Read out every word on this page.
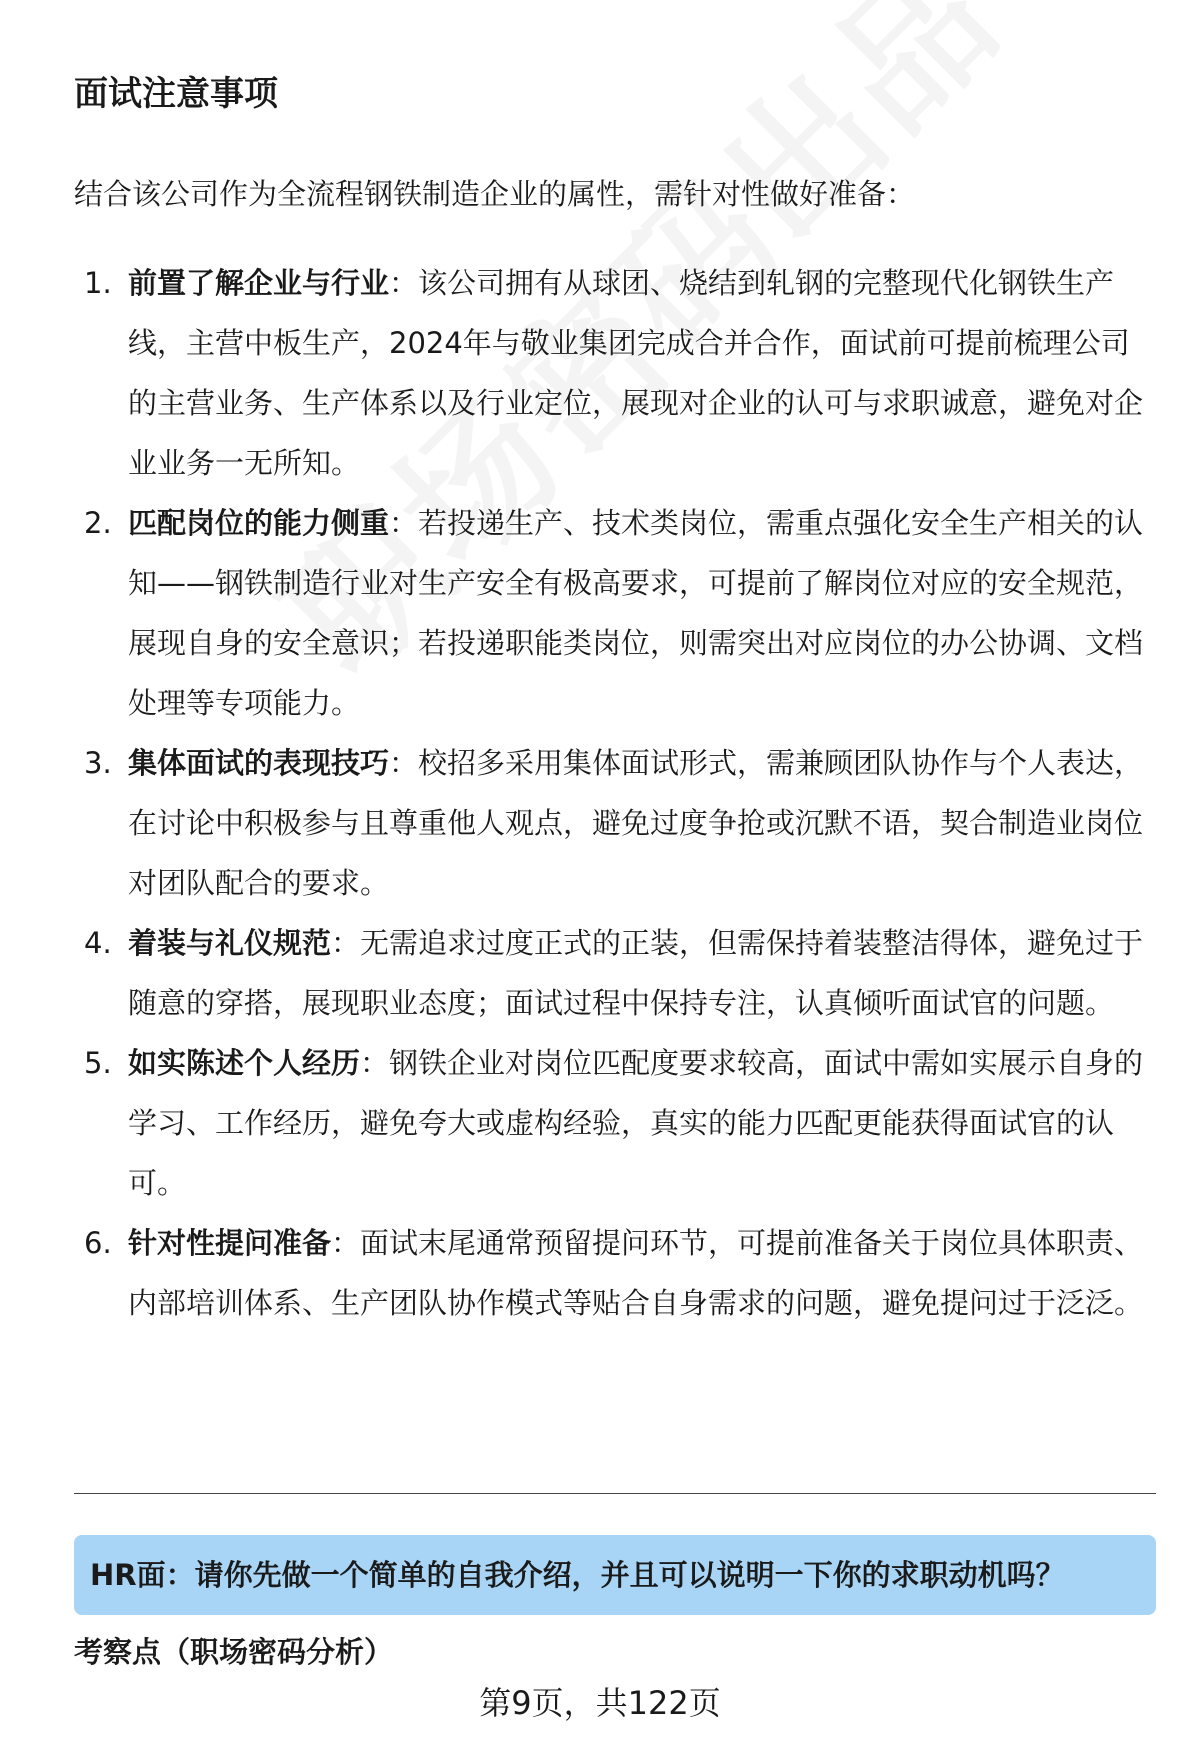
面试注意事项
结合该公司作为全流程钢铁制造企业的属性，需针对性做好准备：
1. 前置了解企业与行业：该公司拥有从球团、烧结到轧钢的完整现代化钢铁生产线，主营中板生产，2024年与敬业集团完成合并合作，面试前可提前梳理公司的主营业务、生产体系以及行业定位，展现对企业的认可与求职诚意，避免对企业业务一无所知。
2. 匹配岗位的能力侧重：若投递生产、技术类岗位，需重点强化安全生产相关的认知——钢铁制造行业对生产安全有极高要求，可提前了解岗位对应的安全规范，展现自身的安全意识；若投递职能类岗位，则需突出对应岗位的办公协调、文档处理等专项能力。
3. 集体面试的表现技巧：校招多采用集体面试形式，需兼顾团队协作与个人表达，在讨论中积极参与且尊重他人观点，避免过度争抢或沉默不语，契合制造业岗位对团队配合的要求。
4. 着装与礼仪规范：无需追求过度正式的正装，但需保持着装整洁得体，避免过于随意的穿搭，展现职业态度；面试过程中保持专注，认真倾听面试官的问题。
5. 如实陈述个人经历：钢铁企业对岗位匹配度要求较高，面试中需如实展示自身的学习、工作经历，避免夸大或虚构经验，真实的能力匹配更能获得面试官的认可。
6. 针对性提问准备：面试末尾通常预留提问环节，可提前准备关于岗位具体职责、内部培训体系、生产团队协作模式等贴合自身需求的问题，避免提问过于泛泛。
HR面：请你先做一个简单的自我介绍，并且可以说明一下你的求职动机吗？
考察点（职场密码分析）
第9页，共122页
